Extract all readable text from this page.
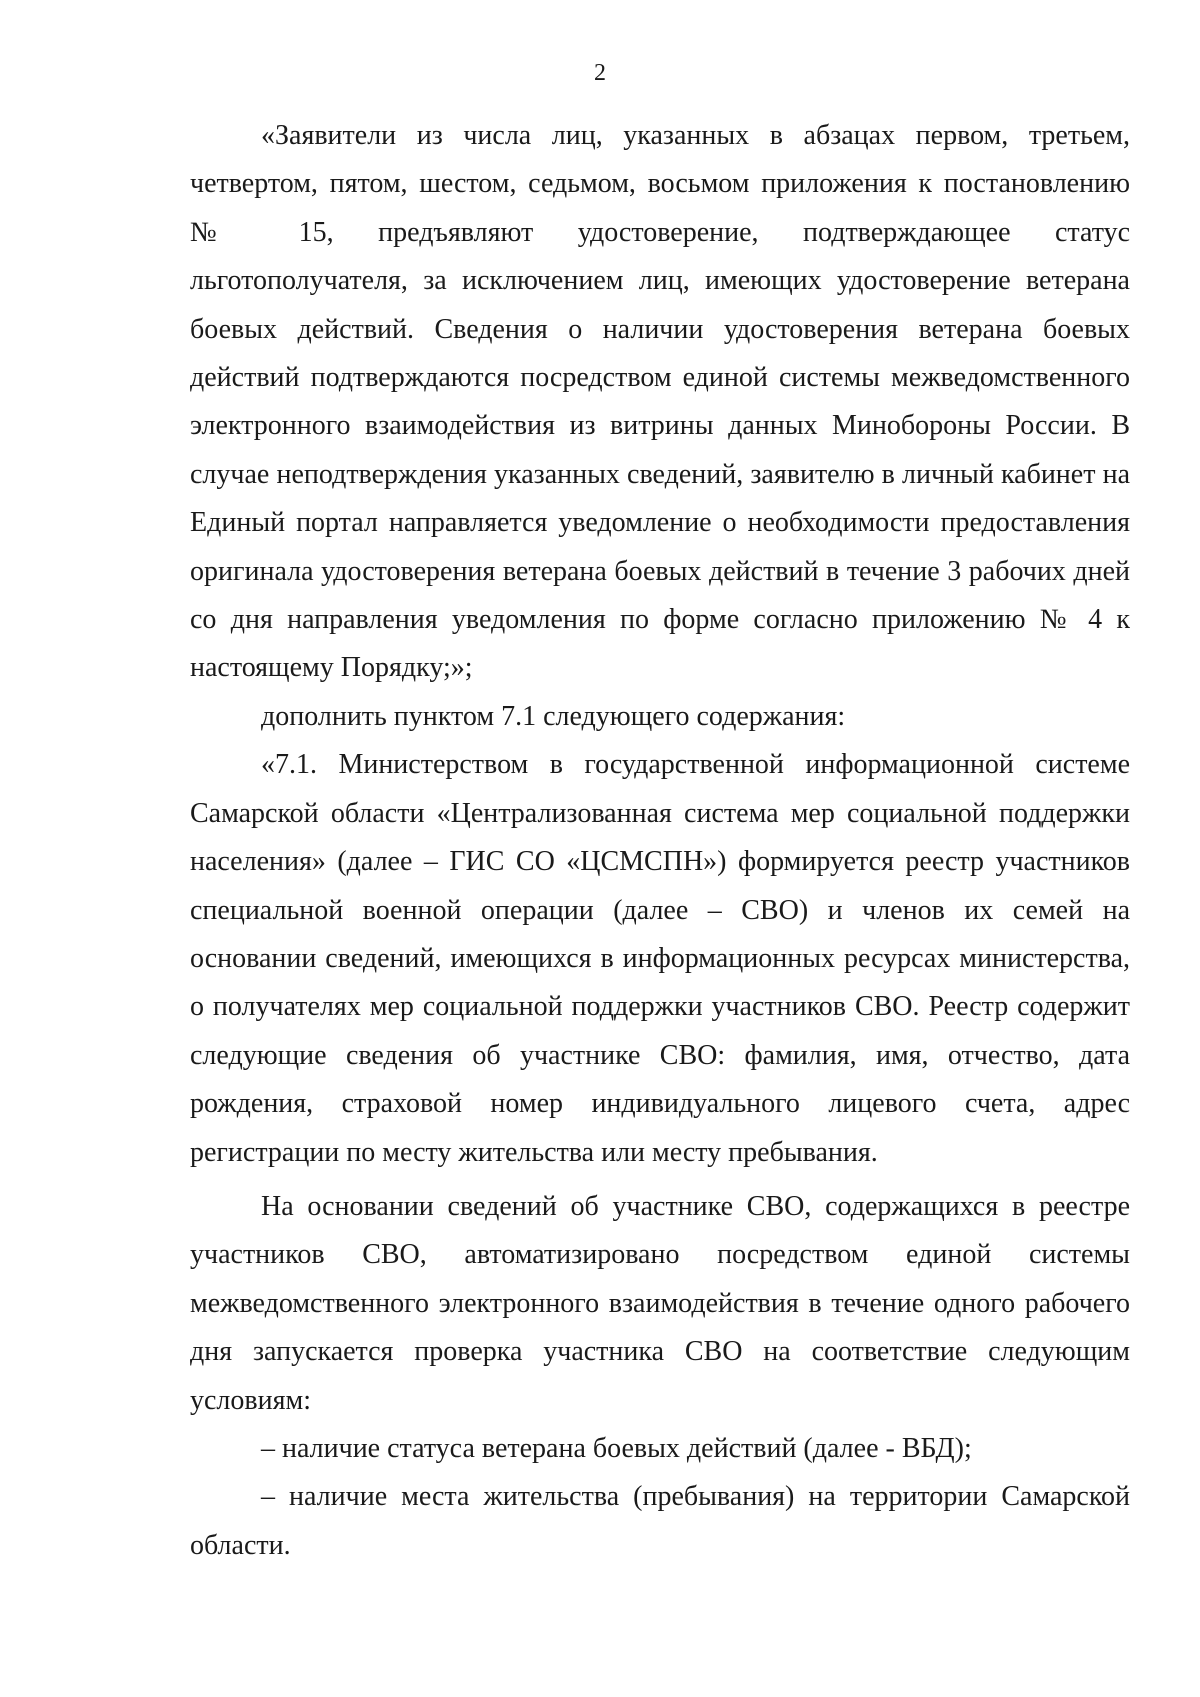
2

«Заявители из числа лиц, указанных в абзацах первом, третьем, четвертом, пятом, шестом, седьмом, восьмом приложения к постановлению № 15, предъявляют удостоверение, подтверждающее статус льготополучателя, за исключением лиц, имеющих удостоверение ветерана боевых действий. Сведения о наличии удостоверения ветерана боевых действий подтверждаются посредством единой системы межведомственного электронного взаимодействия из витрины данных Минобороны России. В случае неподтверждения указанных сведений, заявителю в личный кабинет на Единый портал направляется уведомление о необходимости предоставления оригинала удостоверения ветерана боевых действий в течение 3 рабочих дней со дня направления уведомления по форме согласно приложению № 4 к настоящему Порядку;»;

дополнить пунктом 7.1 следующего содержания:

«7.1. Министерством в государственной информационной системе Самарской области «Централизованная система мер социальной поддержки населения» (далее – ГИС СО «ЦСМСПН») формируется реестр участников специальной военной операции (далее – СВО) и членов их семей на основании сведений, имеющихся в информационных ресурсах министерства, о получателях мер социальной поддержки участников СВО. Реестр содержит следующие сведения об участнике СВО: фамилия, имя, отчество, дата рождения, страховой номер индивидуального лицевого счета, адрес регистрации по месту жительства или месту пребывания.

На основании сведений об участнике СВО, содержащихся в реестре участников СВО, автоматизировано посредством единой системы межведомственного электронного взаимодействия в течение одного рабочего дня запускается проверка участника СВО на соответствие следующим условиям:

– наличие статуса ветерана боевых действий (далее - ВБД);

– наличие места жительства (пребывания) на территории Самарской области.
